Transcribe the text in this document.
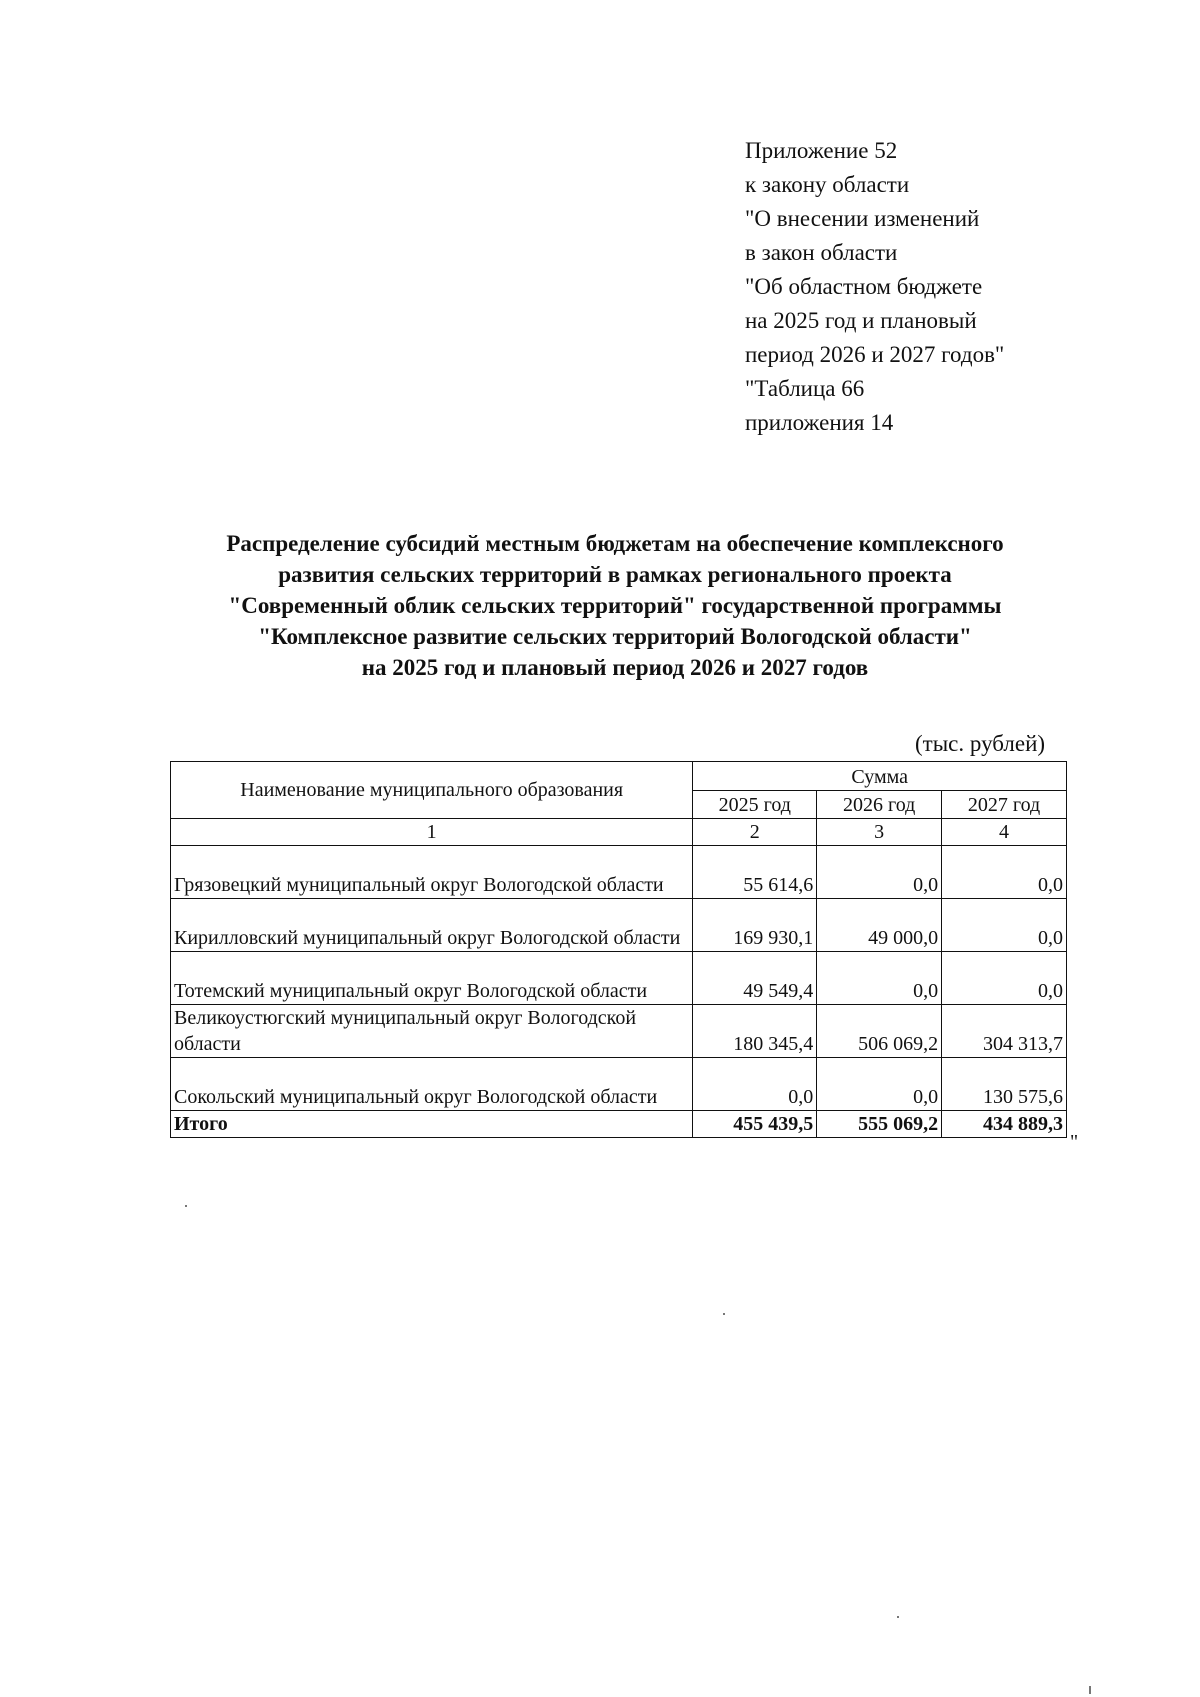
Приложение 52
к закону области
"О внесении изменений
в закон области
"Об областном бюджете
на 2025 год и плановый
период 2026 и 2027 годов"
"Таблица 66
приложения 14
Распределение субсидий местным бюджетам на обеспечение комплексного
развития сельских территорий в рамках регионального проекта
"Современный облик сельских территорий" государственной программы
"Комплексное развитие сельских территорий Вологодской области"
на 2025 год и плановый период 2026 и 2027 годов
(тыс. рублей)
Наименование муниципального образования	Сумма		
	2025 год	2026 год	2027 год
1	2	3	4
Грязовецкий муниципальный округ Вологодской области	55 614,6	0,0	0,0
Кирилловский муниципальный округ Вологодской области	169 930,1	49 000,0	0,0
Тотемский муниципальный округ Вологодской области	49 549,4	0,0	0,0
Великоустюгский муниципальный округ Вологодской области	180 345,4	506 069,2	304 313,7
Сокольский муниципальный округ Вологодской области	0,0	0,0	130 575,6
Итого	455 439,5	555 069,2	434 889,3
"
